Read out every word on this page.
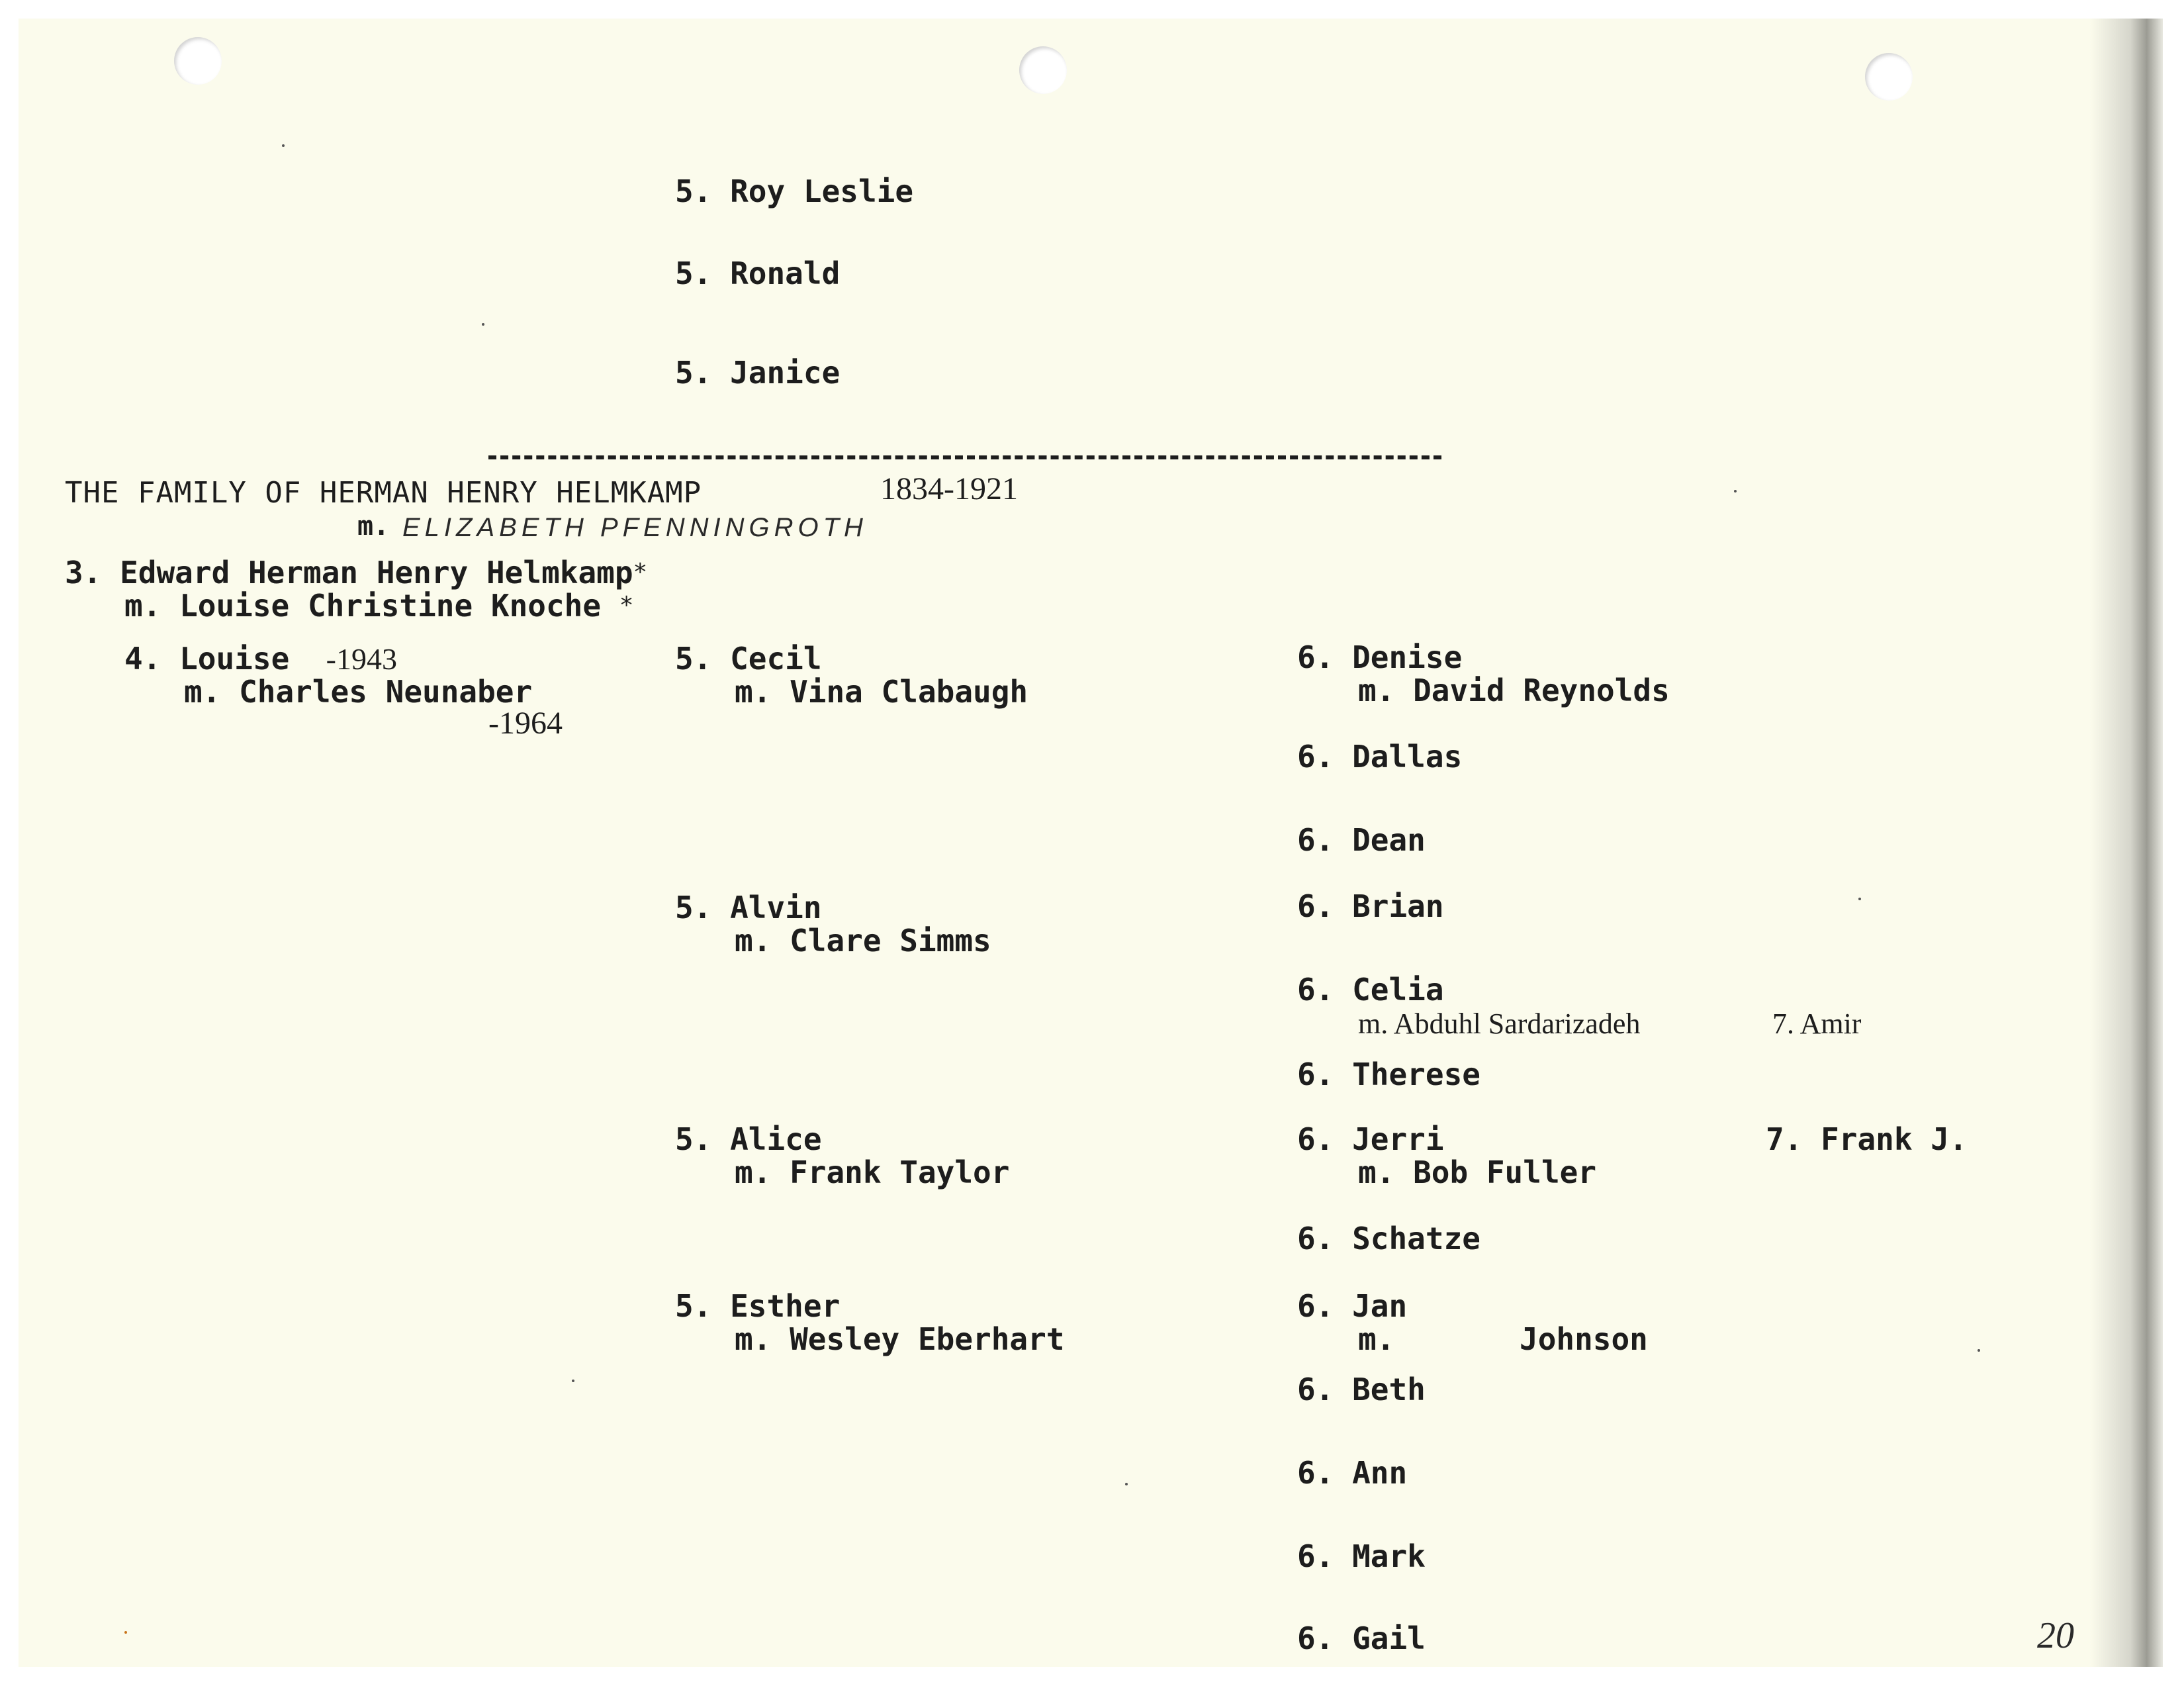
5. Roy Leslie
5. Ronald
5. Janice
THE FAMILY OF HERMAN HENRY HELMKAMP	1834-1921
m. ELIZABETH PFENNINGROTH
3. Edward Herman Henry Helmkamp*
m. Louise Christine Knoche *
4. Louise -1943
m. Charles Neunaber
-1964
5. Cecil
m. Vina Clabaugh
6. Denise
m. David Reynolds
6. Dallas
6. Dean
5. Alvin
m. Clare Simms
6. Brian
6. Celia
m. Abduhl Sardarizadeh	7. Amir
6. Therese
5. Alice
m. Frank Taylor
6. Jerri
m. Bob Fuller
7. Frank J.
6. Schatze
5. Esther
m. Wesley Eberhart
6. Jan
m.	Johnson
6. Beth
6. Ann
6. Mark
6. Gail	20
